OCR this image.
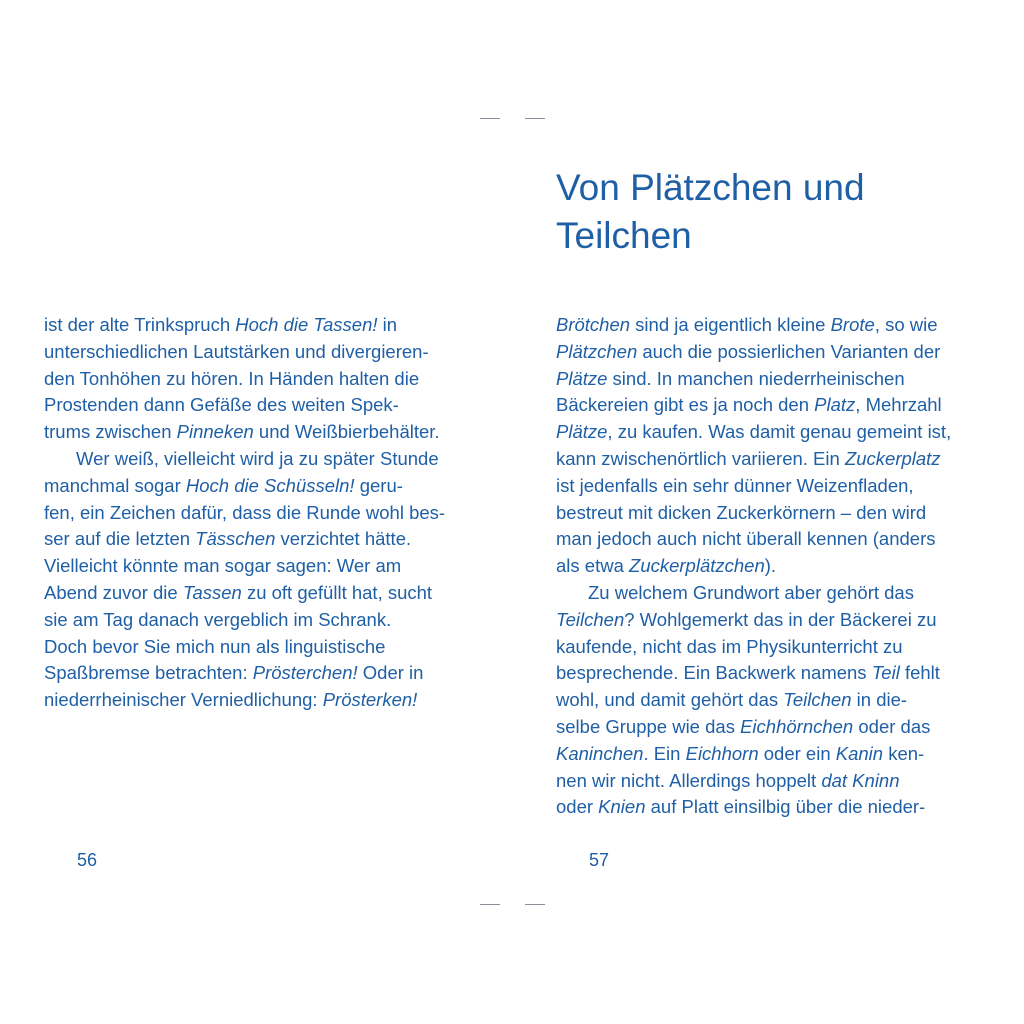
ist der alte Trinkspruch Hoch die Tassen! in
unterschiedlichen Lautstärken und divergieren-
den Tonhöhen zu hören. In Händen halten die
Prostenden dann Gefäße des weiten Spek-
trums zwischen Pinneken und Weißbierbehälter.
Wer weiß, vielleicht wird ja zu später Stunde
manchmal sogar Hoch die Schüsseln! geru-
fen, ein Zeichen dafür, dass die Runde wohl bes-
ser auf die letzten Tässchen verzichtet hätte.
Vielleicht könnte man sogar sagen: Wer am
Abend zuvor die Tassen zu oft gefüllt hat, sucht
sie am Tag danach vergeblich im Schrank.
Doch bevor Sie mich nun als linguistische
Spaßbremse betrachten: Prösterchen! Oder in
niederrheinischer Verniedlichung: Prösterken!
56
Von Plätzchen und
Teilchen
Brötchen sind ja eigentlich kleine Brote, so wie
Plätzchen auch die possierlichen Varianten der
Plätze sind. In manchen niederrheinischen
Bäckereien gibt es ja noch den Platz, Mehrzahl
Plätze, zu kaufen. Was damit genau gemeint ist,
kann zwischenörtlich variieren. Ein Zuckerplatz
ist jedenfalls ein sehr dünner Weizenfladen,
bestreut mit dicken Zuckerkörnern – den wird
man jedoch auch nicht überall kennen (anders
als etwa Zuckerplätzchen).
Zu welchem Grundwort aber gehört das
Teilchen? Wohlgemerkt das in der Bäckerei zu
kaufende, nicht das im Physikunterricht zu
besprechende. Ein Backwerk namens Teil fehlt
wohl, und damit gehört das Teilchen in die-
selbe Gruppe wie das Eichhörnchen oder das
Kaninchen. Ein Eichhorn oder ein Kanin ken-
nen wir nicht. Allerdings hoppelt dat Kninn
oder Knien auf Platt einsilbig über die nieder-
57
